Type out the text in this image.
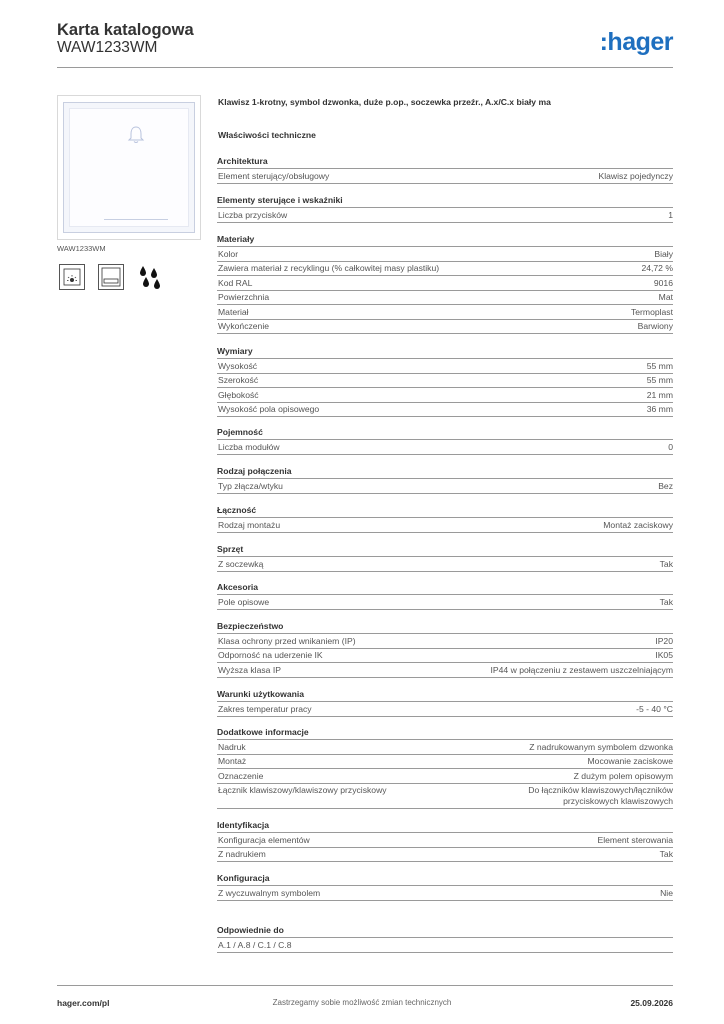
Karta katalogowa
WAW1233WM	:hager
WAW1233WM
Klawisz 1-krotny, symbol dzwonka, duże p.op., soczewka przeźr., A.x/C.x biały ma
Właściwości techniczne
Architektura
Element sterujący/obsługowy	Klawisz pojedynczy
Elementy sterujące i wskaźniki
Liczba przycisków	1
Materiały
Kolor	Biały
Zawiera materiał z recyklingu (% całkowitej masy plastiku)	24,72 %
Kod RAL	9016
Powierzchnia	Mat
Materiał	Termoplast
Wykończenie	Barwiony
Wymiary
Wysokość	55 mm
Szerokość	55 mm
Głębokość	21 mm
Wysokość pola opisowego	36 mm
Pojemność
Liczba modułów	0
Rodzaj połączenia
Typ złącza/wtyku	Bez
Łączność
Rodzaj montażu	Montaż zaciskowy
Sprzęt
Z soczewką	Tak
Akcesoria
Pole opisowe	Tak
Bezpieczeństwo
Klasa ochrony przed wnikaniem (IP)	IP20
Odporność na uderzenie IK	IK05
Wyższa klasa IP	IP44 w połączeniu z zestawem uszczelniającym
Warunki użytkowania
Zakres temperatur pracy	-5 - 40 °C
Dodatkowe informacje
Nadruk	Z nadrukowanym symbolem dzwonka
Montaż	Mocowanie zaciskowe
Oznaczenie	Z dużym polem opisowym
Łącznik klawiszowy/klawiszowy przyciskowy	Do łączników klawiszowych/łączników
przyciskowych klawiszowych
Identyfikacja
Konfiguracja elementów	Element sterowania
Z nadrukiem	Tak
Konfiguracja
Z wyczuwalnym symbolem	Nie
Odpowiednie do
A.1 / A.8 / C.1 / C.8
hager.com/pl	Zastrzegamy sobie możliwość zmian technicznych	25.09.2026
